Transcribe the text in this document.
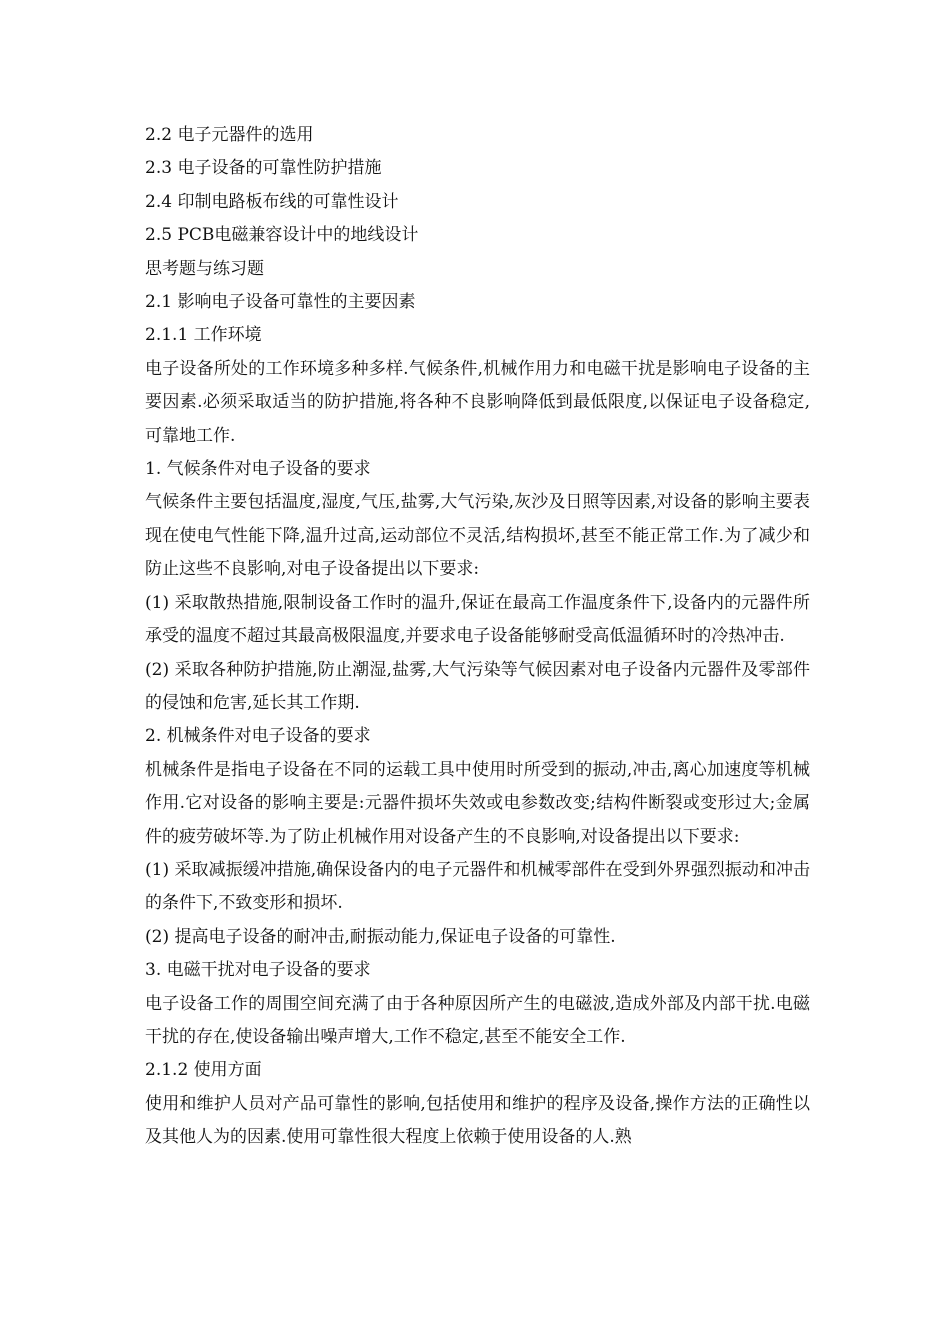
2.2 电子元器件的选用

2.3 电子设备的可靠性防护措施

2.4 印制电路板布线的可靠性设计

2.5 PCB电磁兼容设计中的地线设计

思考题与练习题

2.1 影响电子设备可靠性的主要因素

2.1.1 工作环境

电子设备所处的工作环境多种多样.气候条件,机械作用力和电磁干扰是影响电子设备的主要因素.必须采取适当的防护措施,将各种不良影响降低到最低限度,以保证电子设备稳定,可靠地工作.

1. 气候条件对电子设备的要求

气候条件主要包括温度,湿度,气压,盐雾,大气污染,灰沙及日照等因素,对设备的影响主要表现在使电气性能下降,温升过高,运动部位不灵活,结构损坏,甚至不能正常工作.为了减少和防止这些不良影响,对电子设备提出以下要求:

(1) 采取散热措施,限制设备工作时的温升,保证在最高工作温度条件下,设备内的元器件所承受的温度不超过其最高极限温度,并要求电子设备能够耐受高低温循环时的冷热冲击.

(2) 采取各种防护措施,防止潮湿,盐雾,大气污染等气候因素对电子设备内元器件及零部件的侵蚀和危害,延长其工作期.

2. 机械条件对电子设备的要求

机械条件是指电子设备在不同的运载工具中使用时所受到的振动,冲击,离心加速度等机械作用.它对设备的影响主要是:元器件损坏失效或电参数改变;结构件断裂或变形过大;金属件的疲劳破坏等.为了防止机械作用对设备产生的不良影响,对设备提出以下要求:

(1) 采取减振缓冲措施,确保设备内的电子元器件和机械零部件在受到外界强烈振动和冲击的条件下,不致变形和损坏.

(2) 提高电子设备的耐冲击,耐振动能力,保证电子设备的可靠性.

3. 电磁干扰对电子设备的要求

电子设备工作的周围空间充满了由于各种原因所产生的电磁波,造成外部及内部干扰.电磁干扰的存在,使设备输出噪声增大,工作不稳定,甚至不能安全工作.

2.1.2 使用方面

使用和维护人员对产品可靠性的影响,包括使用和维护的程序及设备,操作方法的正确性以及其他人为的因素.使用可靠性很大程度上依赖于使用设备的人.熟
